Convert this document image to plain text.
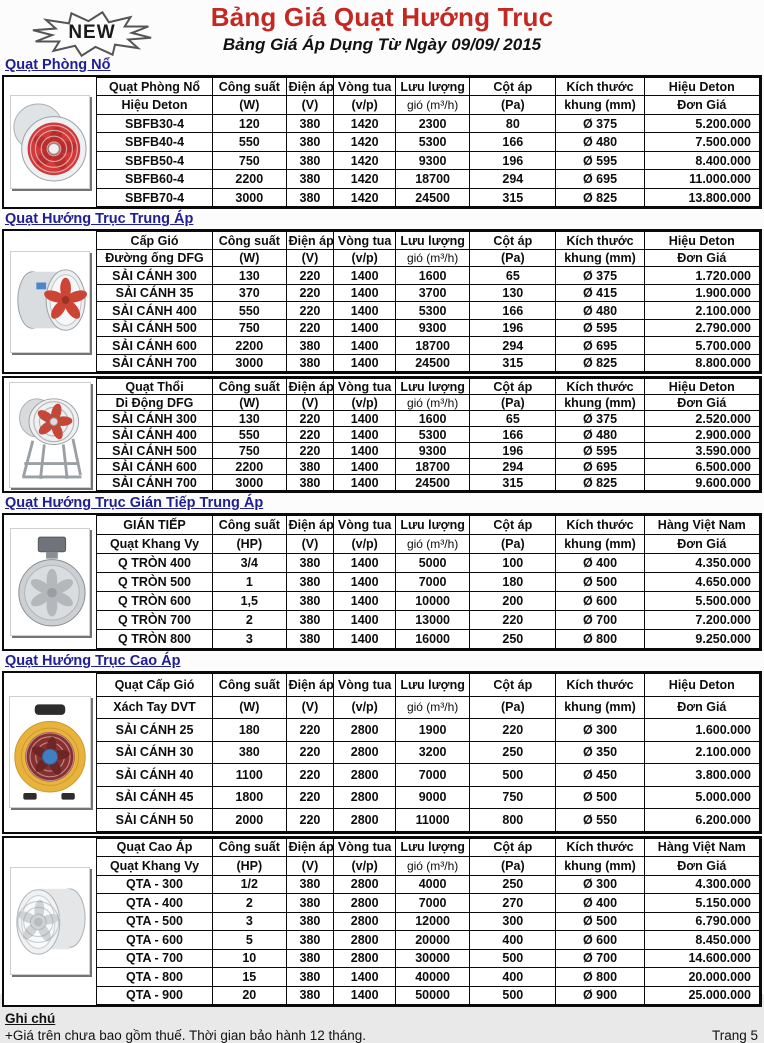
NEW
Bảng Giá Quạt Hướng Trục
Bảng Giá Áp Dụng Từ Ngày 09/09/ 2015
Quạt Phòng Nổ
Quạt Phòng Nổ	Công suất	Điện áp	Vòng tua	Lưu lượng	Cột áp	Kích thước	Hiệu Deton
Hiệu Deton	(W)	(V)	(v/p)	gió (m³/h)	(Pa)	khung (mm)	Đơn Giá
SBFB30-4	120	380	1420	2300	80	Ø 375	5.200.000
SBFB40-4	550	380	1420	5300	166	Ø 480	7.500.000
SBFB50-4	750	380	1420	9300	196	Ø 595	8.400.000
SBFB60-4	2200	380	1420	18700	294	Ø 695	11.000.000
SBFB70-4	3000	380	1420	24500	315	Ø 825	13.800.000
Quạt Hướng Trục Trung Áp
Cấp Gió	Công suất	Điện áp	Vòng tua	Lưu lượng	Cột áp	Kích thước	Hiệu Deton
Đường ống DFG	(W)	(V)	(v/p)	gió (m³/h)	(Pa)	khung (mm)	Đơn Giá
SẢI CÁNH 300	130	220	1400	1600	65	Ø 375	1.720.000
SẢI CÁNH 35	370	220	1400	3700	130	Ø 415	1.900.000
SẢI CÁNH 400	550	220	1400	5300	166	Ø 480	2.100.000
SẢI CÁNH 500	750	220	1400	9300	196	Ø 595	2.790.000
SẢI CÁNH 600	2200	380	1400	18700	294	Ø 695	5.700.000
SẢI CÁNH 700	3000	380	1400	24500	315	Ø 825	8.800.000
Quạt Thổi	Công suất	Điện áp	Vòng tua	Lưu lượng	Cột áp	Kích thước	Hiệu Deton
Di Động DFG	(W)	(V)	(v/p)	gió (m³/h)	(Pa)	khung (mm)	Đơn Giá
SẢI CÁNH 300	130	220	1400	1600	65	Ø 375	2.520.000
SẢI CÁNH 400	550	220	1400	5300	166	Ø 480	2.900.000
SẢI CÁNH 500	750	220	1400	9300	196	Ø 595	3.590.000
SẢI CÁNH 600	2200	380	1400	18700	294	Ø 695	6.500.000
SẢI CÁNH 700	3000	380	1400	24500	315	Ø 825	9.600.000
Quạt Hướng Trục Gián Tiếp Trung Áp
GIÁN TIẾP	Công suất	Điện áp	Vòng tua	Lưu lượng	Cột áp	Kích thước	Hàng Việt Nam
Quạt Khang Vy	(HP)	(V)	(v/p)	gió (m³/h)	(Pa)	khung (mm)	Đơn Giá
Q TRÒN 400	3/4	380	1400	5000	100	Ø 400	4.350.000
Q TRÒN 500	1	380	1400	7000	180	Ø 500	4.650.000
Q TRÒN 600	1,5	380	1400	10000	200	Ø 600	5.500.000
Q TRÒN 700	2	380	1400	13000	220	Ø 700	7.200.000
Q TRÒN 800	3	380	1400	16000	250	Ø 800	9.250.000
Quạt Hướng Trục Cao Áp
Quạt Cấp Gió	Công suất	Điện áp	Vòng tua	Lưu lượng	Cột áp	Kích thước	Hiệu Deton
Xách Tay DVT	(W)	(V)	(v/p)	gió (m³/h)	(Pa)	khung (mm)	Đơn Giá
SẢI CÁNH 25	180	220	2800	1900	220	Ø 300	1.600.000
SẢI CÁNH 30	380	220	2800	3200	250	Ø 350	2.100.000
SẢI CÁNH 40	1100	220	2800	7000	500	Ø 450	3.800.000
SẢI CÁNH 45	1800	220	2800	9000	750	Ø 500	5.000.000
SẢI CÁNH 50	2000	220	2800	11000	800	Ø 550	6.200.000
Quạt Cao Áp	Công suất	Điện áp	Vòng tua	Lưu lượng	Cột áp	Kích thước	Hàng Việt Nam
Quạt Khang Vy	(HP)	(V)	(v/p)	gió (m³/h)	(Pa)	khung (mm)	Đơn Giá
QTA - 300	1/2	380	2800	4000	250	Ø 300	4.300.000
QTA - 400	2	380	2800	7000	270	Ø 400	5.150.000
QTA - 500	3	380	2800	12000	300	Ø 500	6.790.000
QTA - 600	5	380	2800	20000	400	Ø 600	8.450.000
QTA - 700	10	380	2800	30000	500	Ø 700	14.600.000
QTA - 800	15	380	1400	40000	400	Ø 800	20.000.000
QTA - 900	20	380	1400	50000	500	Ø 900	25.000.000
Ghi chú
+Giá trên chưa bao gồm thuế. Thời gian bảo hành 12 tháng.	Trang 5
